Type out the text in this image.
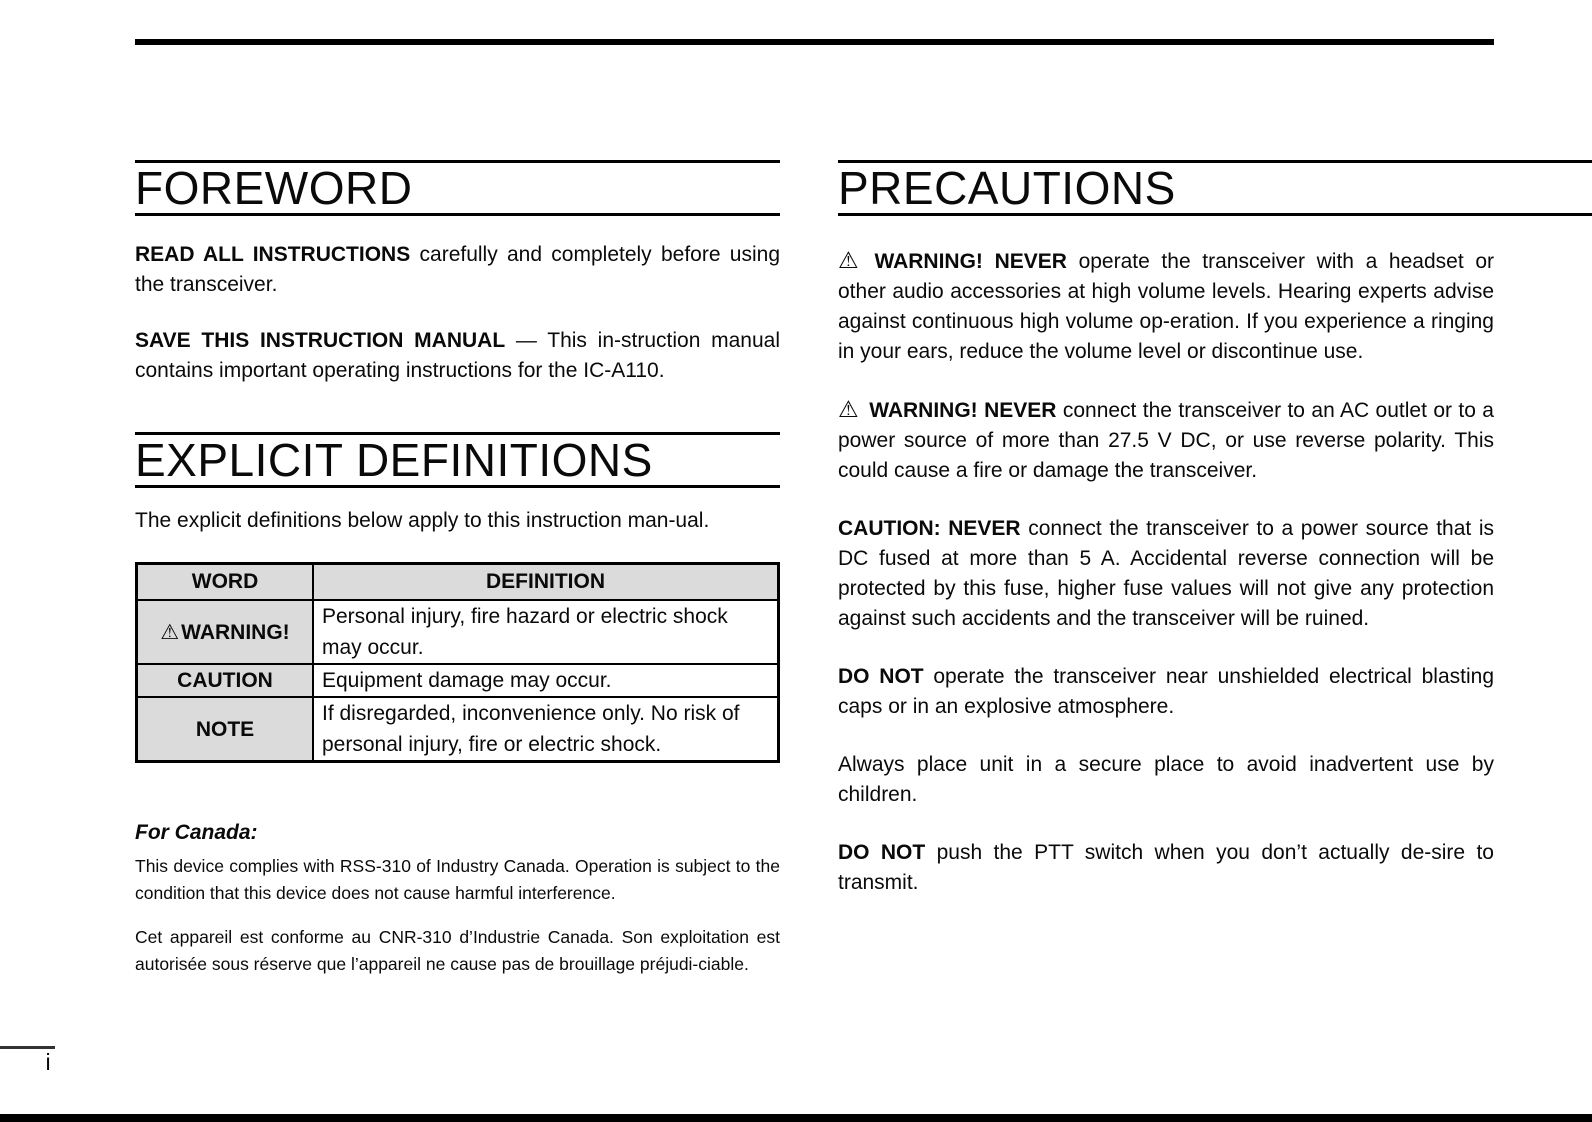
FOREWORD

READ ALL INSTRUCTIONS carefully and completely before using the transceiver.

SAVE THIS INSTRUCTION MANUAL — This in-struction manual contains important operating instructions for the IC-A110.

EXPLICIT DEFINITIONS

The explicit definitions below apply to this instruction man-ual.

WORD	DEFINITION
⚠WARNING!	Personal injury, fire hazard or electric shock may occur.
CAUTION	Equipment damage may occur.
NOTE	If disregarded, inconvenience only. No risk of personal injury, fire or electric shock.

For Canada:

This device complies with RSS-310 of Industry Canada. Operation is subject to the condition that this device does not cause harmful interference.

Cet appareil est conforme au CNR-310 d’Industrie Canada. Son exploitation est autorisée sous réserve que l’appareil ne cause pas de brouillage préjudi-ciable.

PRECAUTIONS

⚠ WARNING! NEVER operate the transceiver with a headset or other audio accessories at high volume levels. Hearing experts advise against continuous high volume op-eration. If you experience a ringing in your ears, reduce the volume level or discontinue use.

⚠ WARNING! NEVER connect the transceiver to an AC outlet or to a power source of more than 27.5 V DC, or use reverse polarity. This could cause a fire or damage the transceiver.

CAUTION: NEVER connect the transceiver to a power source that is DC fused at more than 5 A. Accidental reverse connection will be protected by this fuse, higher fuse values will not give any protection against such accidents and the transceiver will be ruined.

DO NOT operate the transceiver near unshielded electrical blasting caps or in an explosive atmosphere.

Always place unit in a secure place to avoid inadvertent use by children.

DO NOT push the PTT switch when you don’t actually de-sire to transmit.

i
